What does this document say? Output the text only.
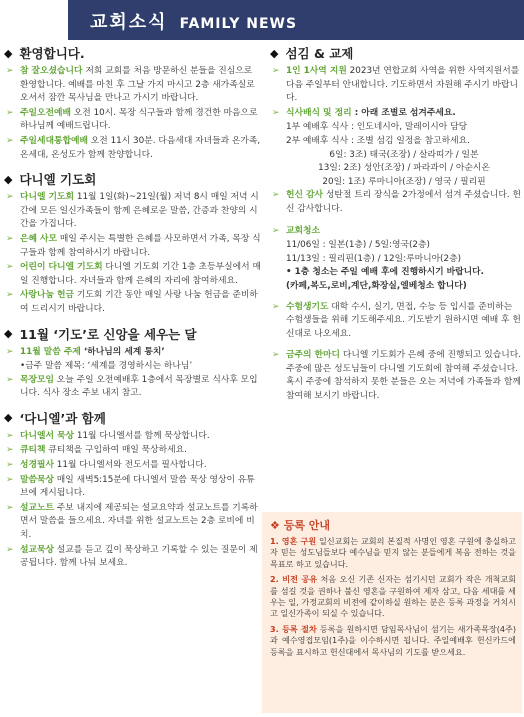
교회소식 FAMILY NEWS
◆ 환영합니다.
➢ 참 잘오셨습니다 저희 교회를 처음 방문하신 분들을 진심으로 환영합니다. 예배를 마친 후 그날 가지 마시고 2층 새가족실로 오셔서 잠깐 목사님을 만나고 가시기 바랍니다.
➢ 주일오전예배 오전 10시. 목장 식구들과 함께 경건한 마음으로 하나님께 예배드립니다.
➢ 주일세대통합예배 오전 11시 30분. 다음세대 자녀들과 온가족, 온세대, 온성도가 함께 찬양합니다.
◆ 다니엘 기도회
➢ 다니엘 기도회 11월 1일(화)~21일(월) 저녁 8시 매일 저녁 시간에 모든 일신가족들이 함께 은혜로운 말씀, 간증과 찬양의 시간을 가집니다.
➢ 은혜 사모 매일 주시는 특별한 은혜를 사모하면서 가족, 목장 식구들과 함께 참여하시기 바랍니다.
➢ 어린이 다니엘 기도회 다니엘 기도회 기간 1층 초등부실에서 매일 진행합니다. 자녀들과 함께 은혜의 자리에 참여하세요.
➢ 사랑나눔 헌금 기도회 기간 동안 매일 사랑 나눔 헌금을 준비하여 드리시기 바랍니다.
◆ 11월 ‘기도’로 신앙을 세우는 달
➢ 11월 말씀 주제 ‘하나님의 세계 통치’
•금주 말씀 제목: ‘세계를 경영하시는 하나님’
➢ 목장모임 오늘 주일 오전예배후 1층에서 목장별로 식사후 모입니다. 식사 장소 주보 내지 참고.
◆ ‘다니엘’과 함께
➢ 다니엘서 묵상 11월 다니엘서를 함께 묵상합니다.
➢ 큐티책 큐티책을 구입하여 매일 묵상하세요.
➢ 성경필사 11월 다니엘서와 전도서를 필사합니다.
➢ 말씀묵상 매일 새벽5:15분에 다니엘서 말씀 묵상 영상이 유튜브에 게시됩니다.
➢ 설교노트 주보 내지에 제공되는 설교요약과 설교노트를 기록하면서 말씀을 들으세요. 자녀를 위한 설교노트는 2층 로비에 비치.
➢ 설교묵상 설교를 듣고 깊이 묵상하고 기록할 수 있는 질문이 제공됩니다. 함께 나눠 보세요.
◆ 섬김 & 교제
➢ 1인 1사역 지원 2023년 연합교회 사역을 위한 사역지원서를 다음 주일부터 안내합니다. 기도하면서 자원해 주시기 바랍니다.
➢ 식사배식 및 정리 : 아래 조별로 섬겨주세요.
1부 예배후 식사 : 인도네시아, 말레이시아 담당
2부 예배후 식사 : 조별 섬김 일정을 참고하세요.
6일: 3조) 태국(조장) / 살라띠가 / 일본
13일: 2조) 성안(조장) / 파라과이 / 아순시온
20일: 1조) 루마니아(조장) / 영국 / 필리핀
➢ 헌신 감사 성탄절 트리 장식을 2가정에서 섬겨 주셨습니다. 헌신 감사합니다.
➢ 교회청소
11/06일 : 일본(1층) / 5일:영국(2층)
11/13일 : 필리핀(1층) / 12일:루마니아(2층)
• 1층 청소는 주일 예배 후에 진행하시기 바랍니다.
(카페,복도,로비,계단,화장실,엘베청소 합니다)
➢ 수험생기도 대학 수시, 실기, 면접, 수능 등 입시를 준비하는 수험생들을 위해 기도해주세요. 기도받기 원하시면 예배 후 헌신대로 나오세요.
➢ 금주의 한마디 다니엘 기도회가 은혜 중에 진행되고 있습니다. 주중에 많은 성도님들이 다니엘 기도회에 참여해 주셨습니다. 혹시 주중에 참석하지 못한 분들은 오는 저녁에 가족들과 함께 참여해 보시기 바랍니다.
❖ 등록 안내
1. 영혼 구원 일신교회는 교회의 본질적 사명인 영혼 구원에 충실하고자 믿는 성도님들보다 예수님을 믿지 않는 분들에게 복음 전하는 것을 목표로 하고 있습니다.
2. 비전 공유 처음 오신 기존 신자는 섬기시던 교회가 작은 개척교회를 섬길 것을 권하나 불신 영혼을 구원하여 제자 삼고, 다음 세대를 세우는 일, 가정교회의 비전에 같이하실 원하는 분은 등록 과정을 거치시고 일신가족이 되실 수 있습니다.
3. 등록 절차 등록을 원하시면 담임목사님이 섬기는 새가족목장(4주)과 예수영접모임(1주)을 이수하시면 됩니다. 주일예배후 헌신카드에 등록을 표시하고 헌신대에서 목사님의 기도를 받으세요.
